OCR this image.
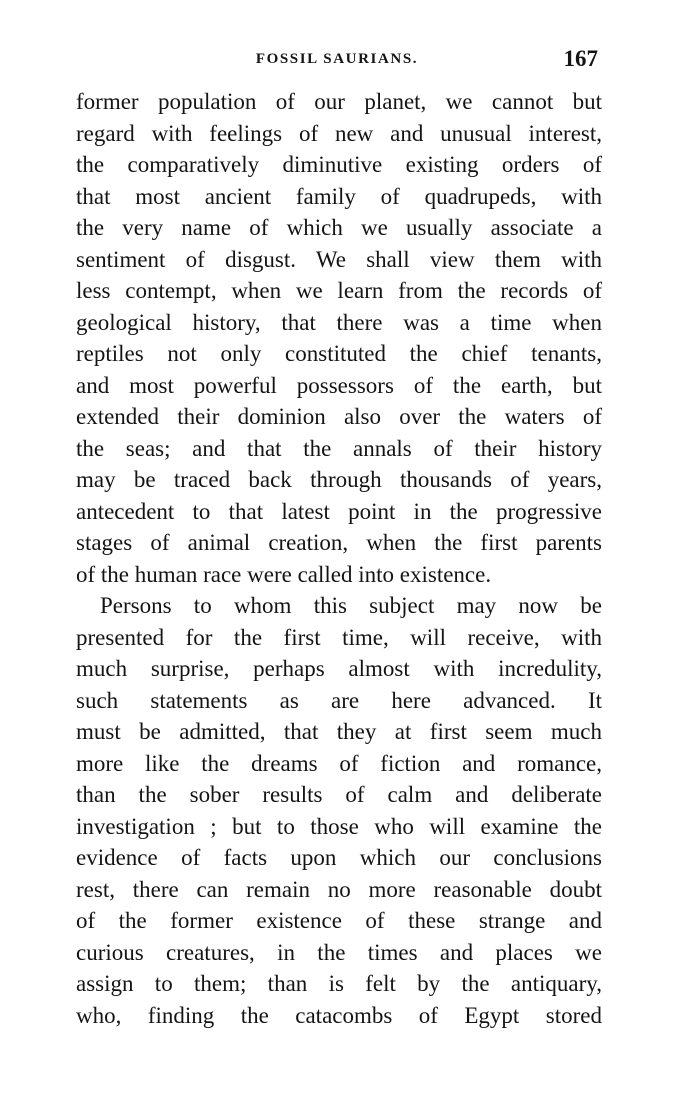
FOSSIL SAURIANS.	167
former population of our planet, we cannot but
regard with feelings of new and unusual interest,
the comparatively diminutive existing orders of
that most ancient family of quadrupeds, with
the very name of which we usually associate a
sentiment of disgust. We shall view them with
less contempt, when we learn from the records of
geological history, that there was a time when
reptiles not only constituted the chief tenants,
and most powerful possessors of the earth, but
extended their dominion also over the waters of
the seas; and that the annals of their history
may be traced back through thousands of years,
antecedent to that latest point in the progressive
stages of animal creation, when the first parents
of the human race were called into existence.
Persons to whom this subject may now be
presented for the first time, will receive, with
much surprise, perhaps almost with incredulity,
such statements as are here advanced. It
must be admitted, that they at first seem much
more like the dreams of fiction and romance,
than the sober results of calm and deliberate
investigation ; but to those who will examine the
evidence of facts upon which our conclusions
rest, there can remain no more reasonable doubt
of the former existence of these strange and
curious creatures, in the times and places we
assign to them; than is felt by the antiquary,
who, finding the catacombs of Egypt stored
